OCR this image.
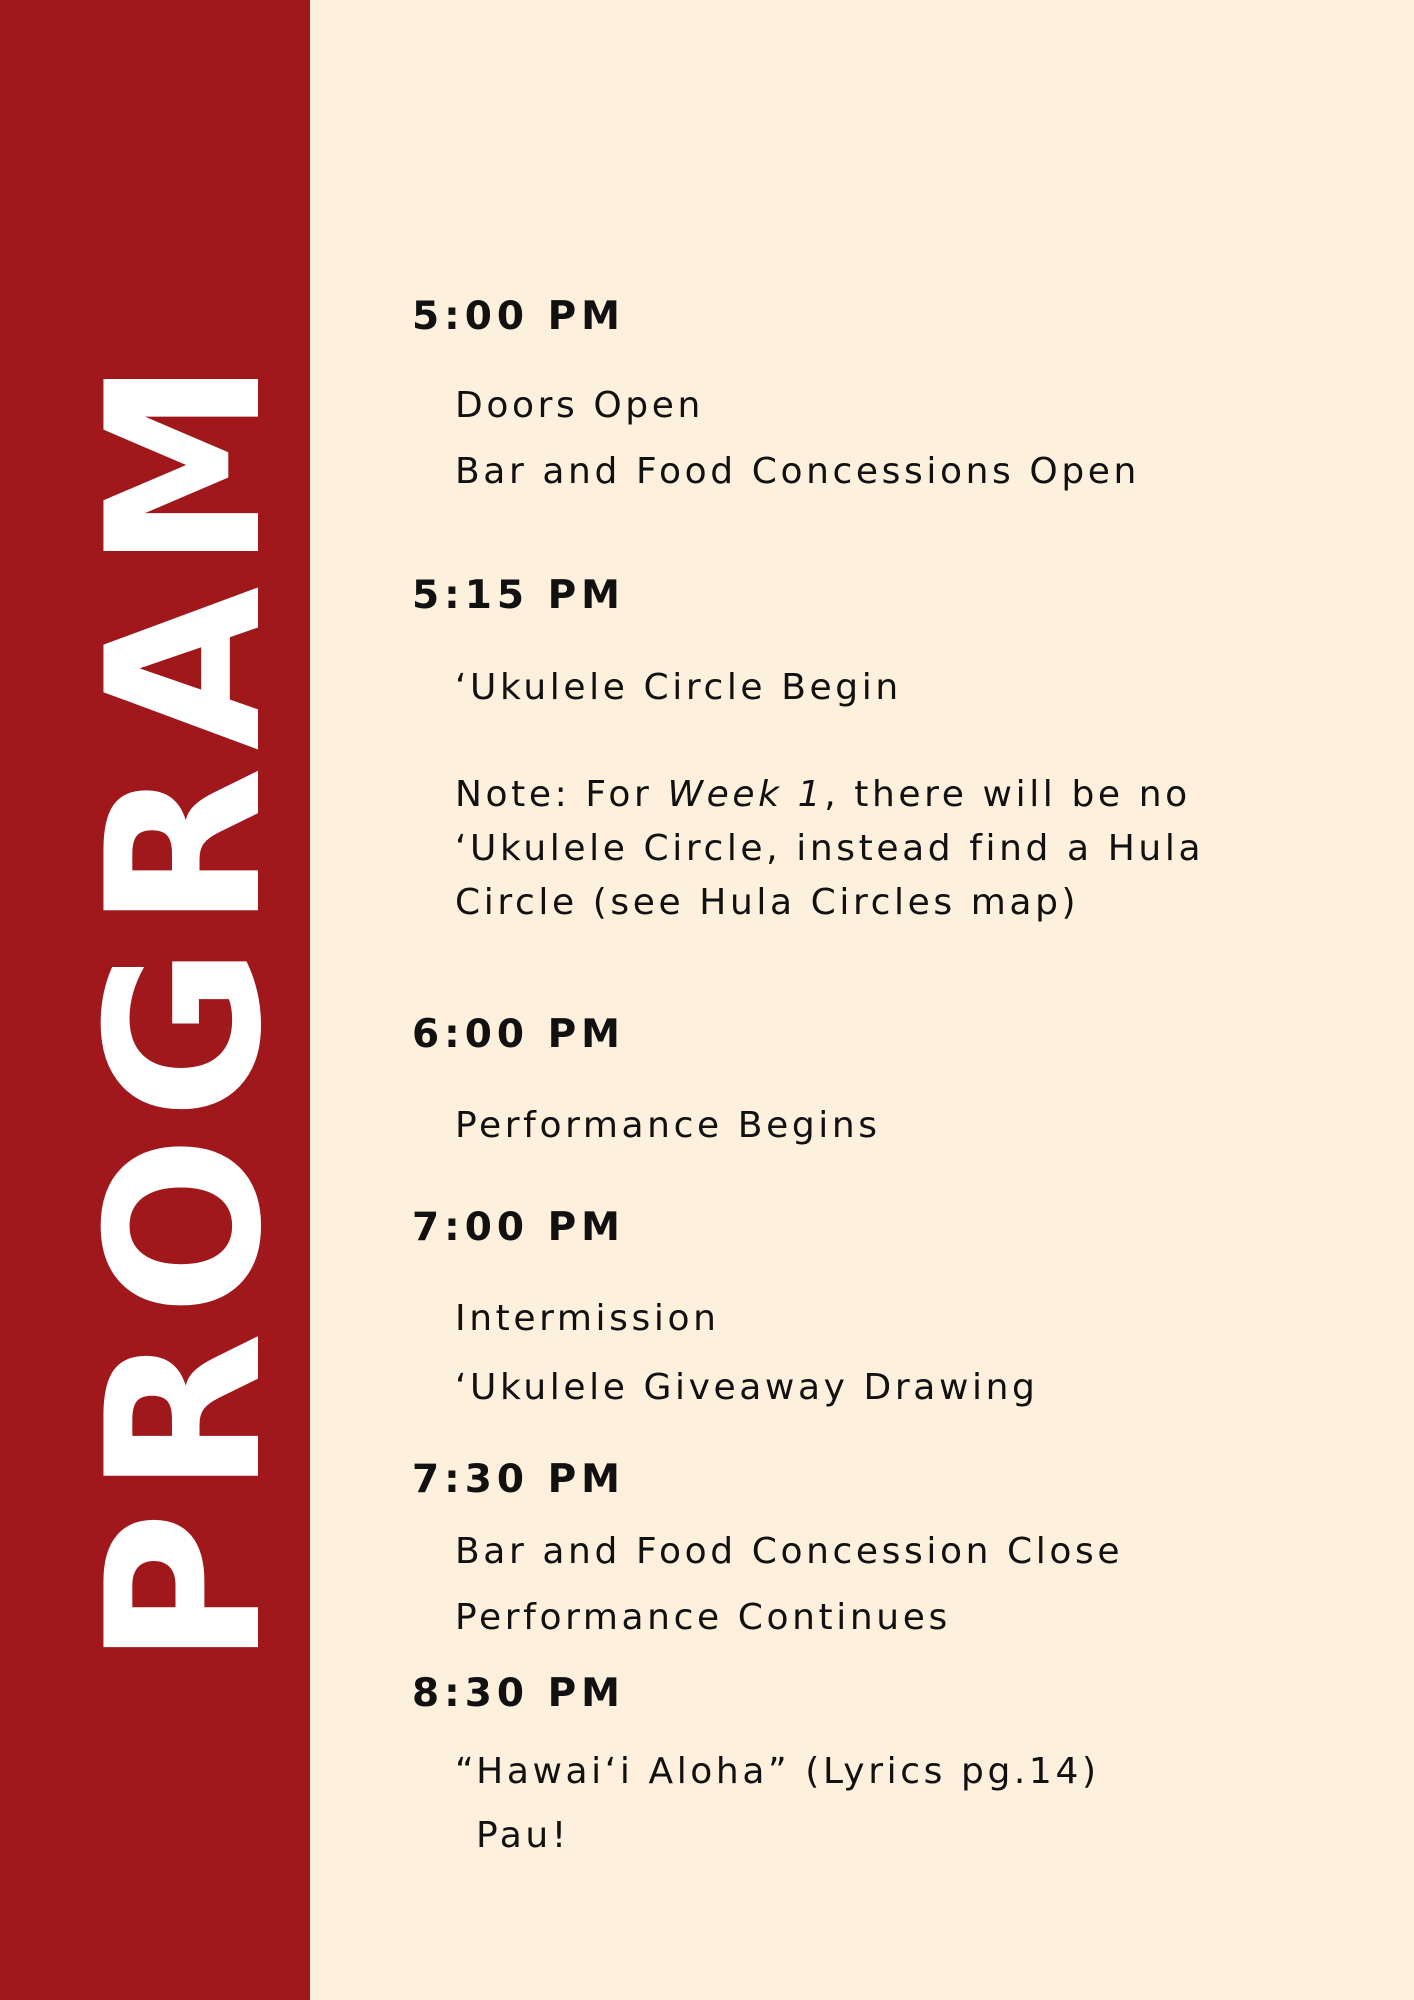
PROGRAM
5:00 PM
Doors Open
Bar and Food Concessions Open
5:15 PM
‘Ukulele Circle Begin
Note: For Week 1, there will be no ‘Ukulele Circle, instead find a Hula Circle (see Hula Circles map)
6:00 PM
Performance Begins
7:00 PM
Intermission
‘Ukulele Giveaway Drawing
7:30 PM
Bar and Food Concession Close
Performance Continues
8:30 PM
“Hawai‘i Aloha” (Lyrics pg.14)
Pau!
